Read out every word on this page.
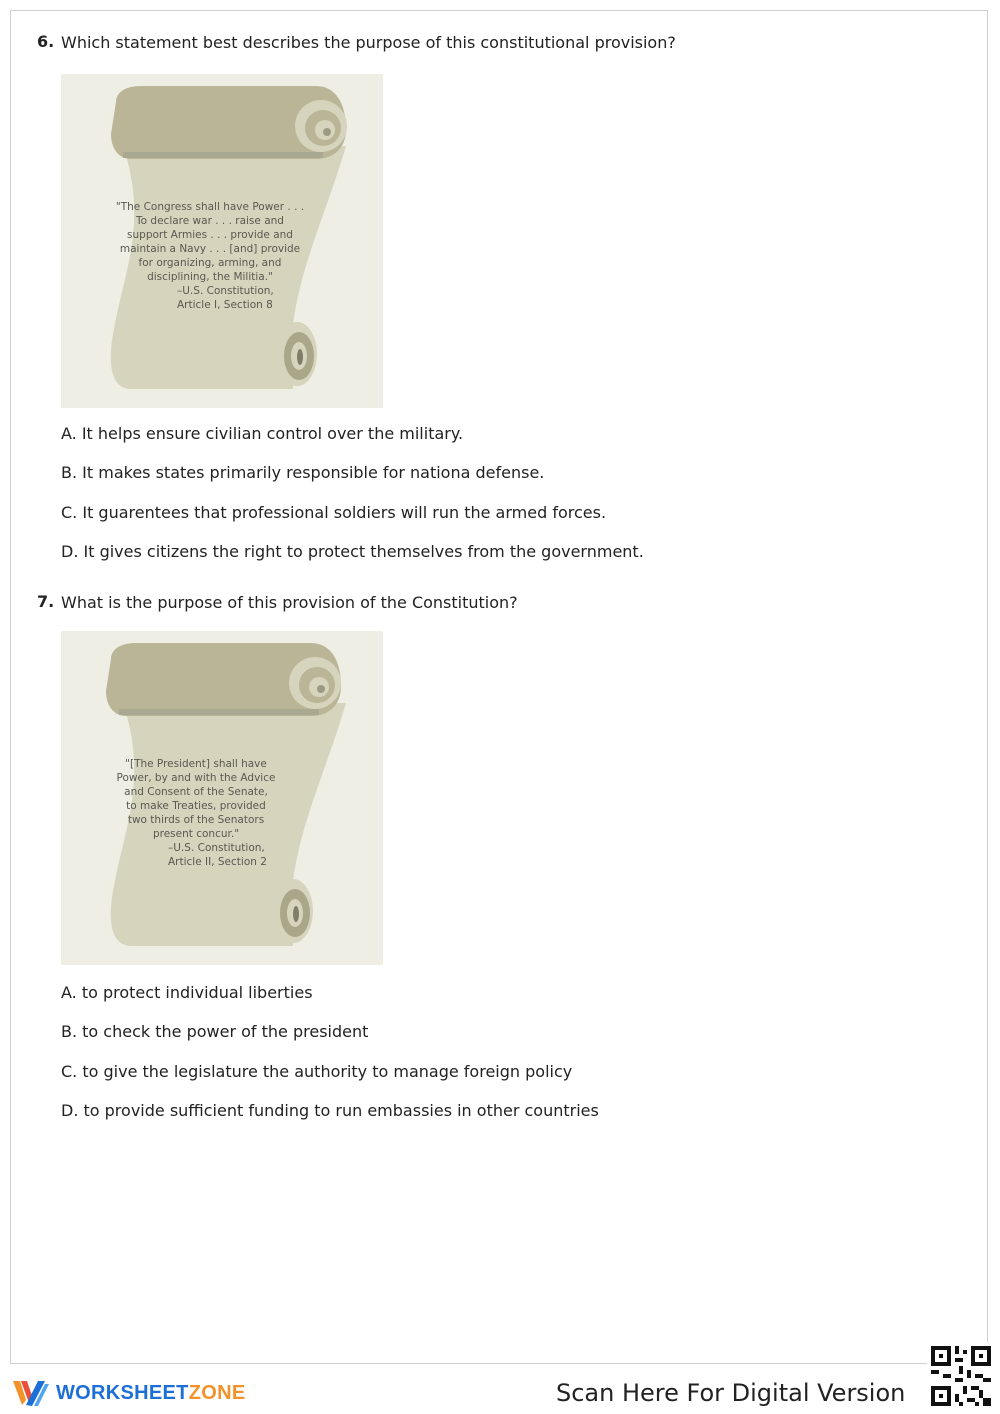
6. Which statement best describes the purpose of this constitutional provision?
"The Congress shall have Power . . .
To declare war . . . raise and
support Armies . . . provide and
maintain a Navy . . . [and] provide
for organizing, arming, and
disciplining, the Militia."
–U.S. Constitution,
Article I, Section 8
A. It helps ensure civilian control over the military.
B. It makes states primarily responsible for nationa defense.
C. It guarentees that professional soldiers will run the armed forces.
D. It gives citizens the right to protect themselves from the government.
7. What is the purpose of this provision of the Constitution?
"[The President] shall have
Power, by and with the Advice
and Consent of the Senate,
to make Treaties, provided
two thirds of the Senators
present concur."
–U.S. Constitution,
Article II, Section 2
A. to protect individual liberties
B. to check the power of the president
C. to give the legislature the authority to manage foreign policy
D. to provide sufficient funding to run embassies in other countries
WORKSHEETZONE	Scan Here For Digital Version
